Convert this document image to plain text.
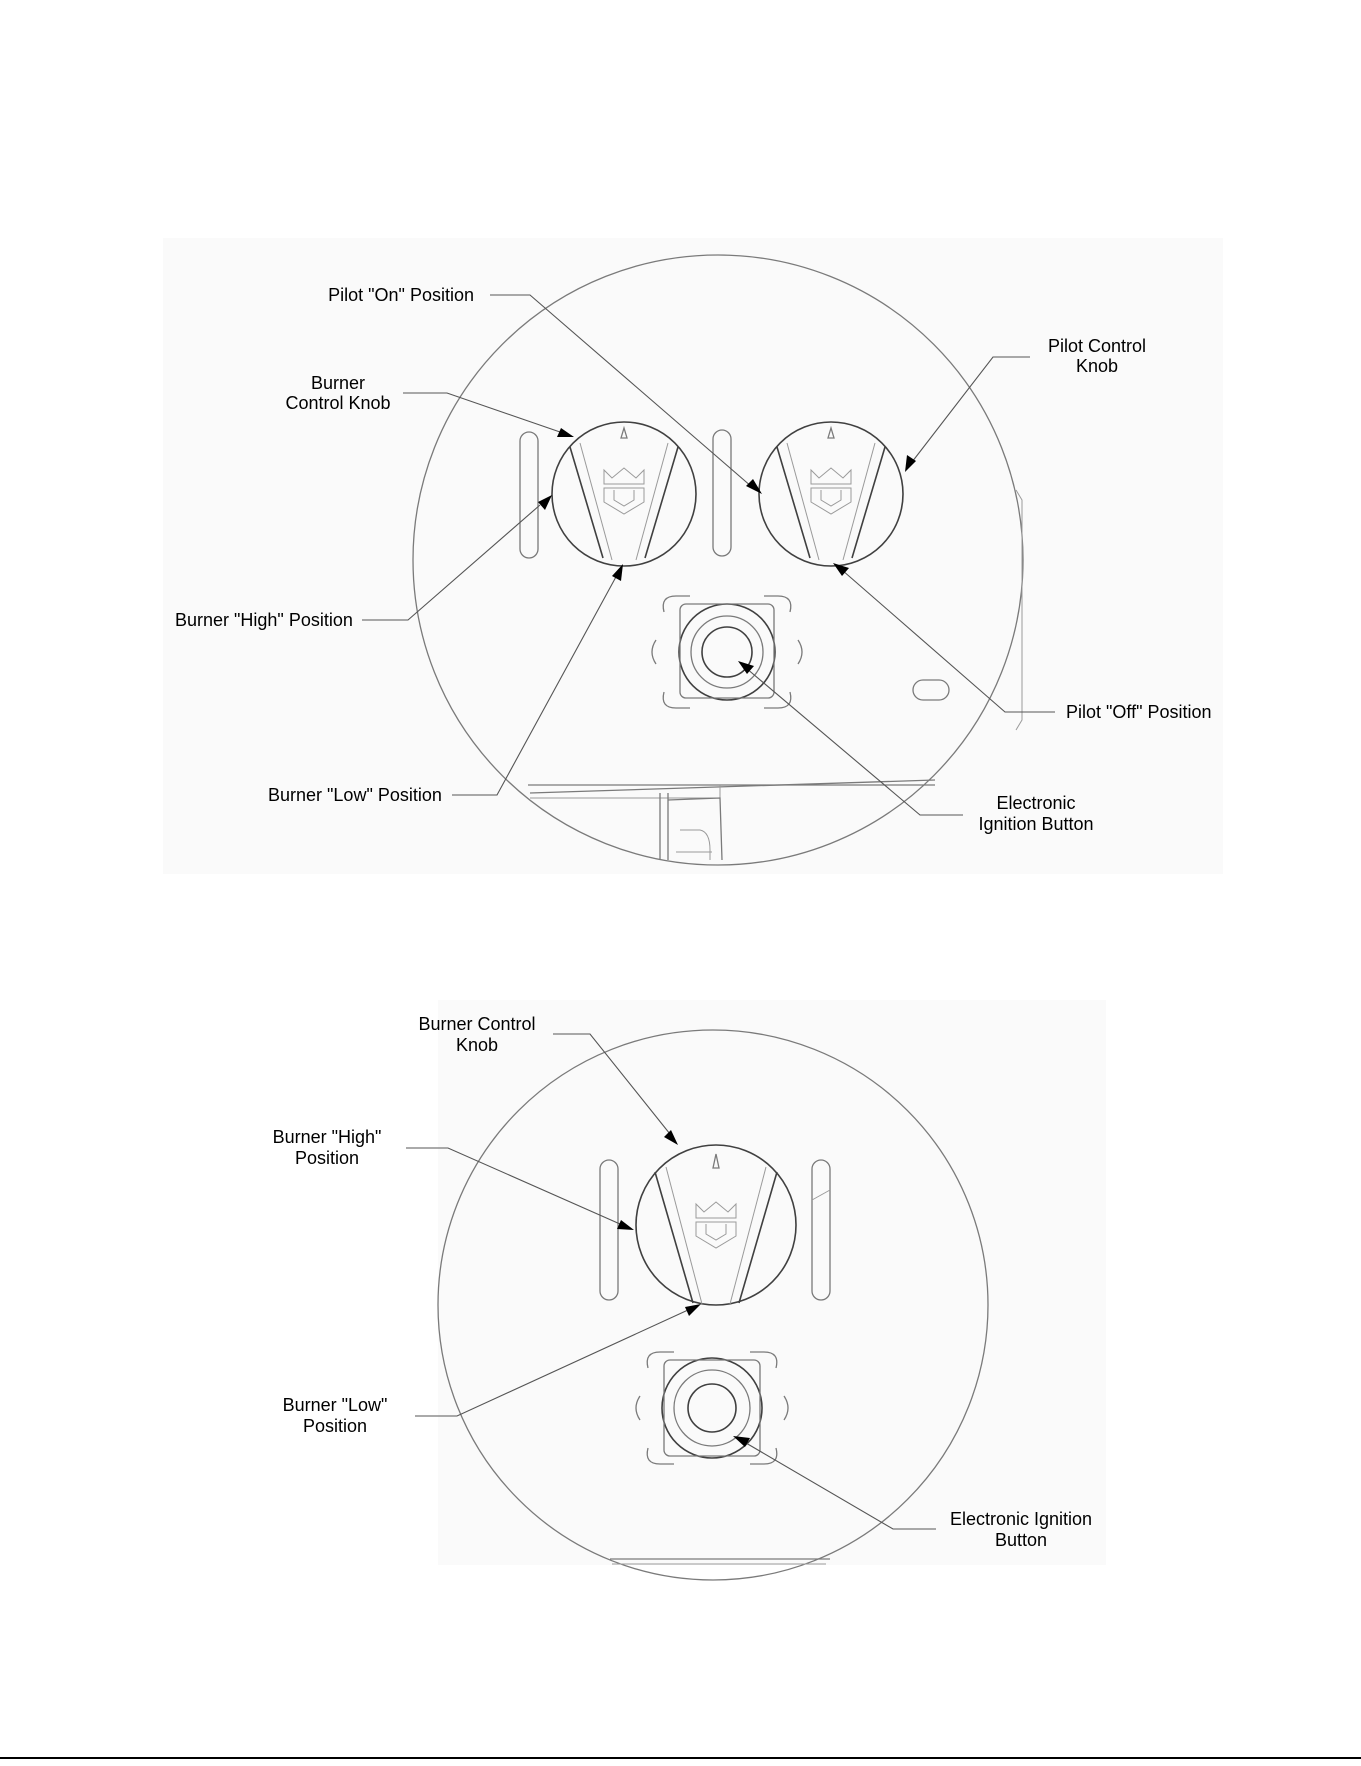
Pilot "On" Position
Pilot Control
Knob
Burner
Control Knob
Burner "High" Position
Pilot "Off" Position
Burner "Low" Position	Electronic
Ignition Button
Burner Control
Knob
Burner "High"
Position
Burner "Low"
Position
Electronic Ignition
Button
